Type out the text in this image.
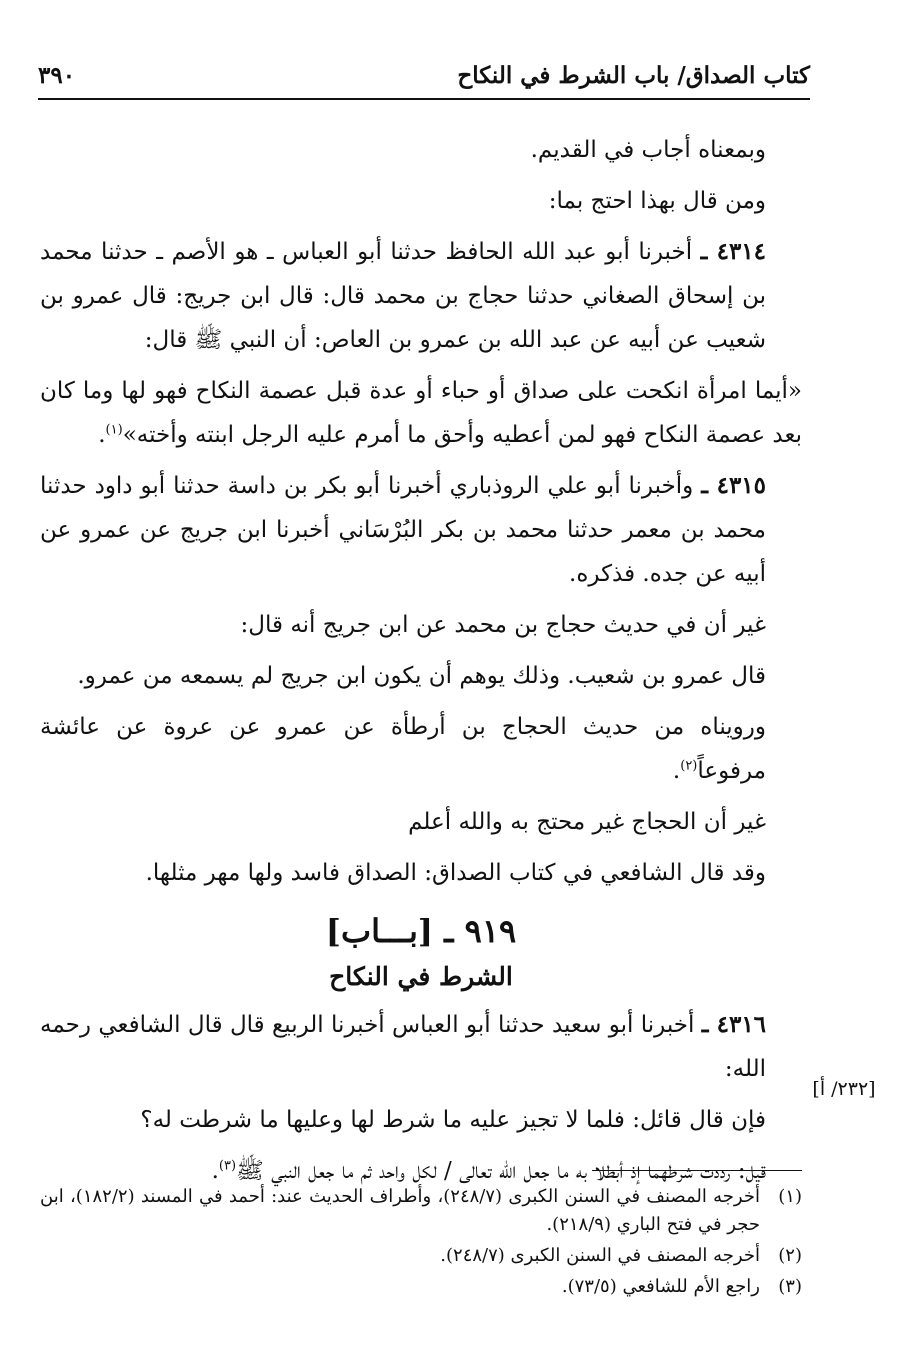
كتاب الصداق/ باب الشرط في النكاح
٣٩٠

وبمعناه أجاب في القديم.

ومن قال بهذا احتج بما:

٤٣١٤ ـ أخبرنا أبو عبد الله الحافظ حدثنا أبو العباس ـ هو الأصم ـ حدثنا محمد بن إسحاق الصغاني حدثنا حجاج بن محمد قال: قال ابن جريج: قال عمرو بن شعيب عن أبيه عن عبد الله بن عمرو بن العاص: أن النبي ﷺ قال:

«أيما امرأة انكحت على صداق أو حباء أو عدة قبل عصمة النكاح فهو لها وما كان بعد عصمة النكاح فهو لمن أعطيه وأحق ما أمرم عليه الرجل ابنته وأخته»$^{(١)}$.

٤٣١٥ ـ وأخبرنا أبو علي الروذباري أخبرنا أبو بكر بن داسة حدثنا أبو داود حدثنا محمد بن معمر حدثنا محمد بن بكر البُرْسَاني أخبرنا ابن جريج عن عمرو عن أبيه عن جده. فذكره.

غير أن في حديث حجاج بن محمد عن ابن جريج أنه قال:

قال عمرو بن شعيب. وذلك يوهم أن يكون ابن جريج لم يسمعه من عمرو.

ورويناه من حديث الحجاج بن أرطأة عن عمرو عن عروة عن عائشة مرفوعاً$^{(٢)}$.

غير أن الحجاج غير محتج به والله أعلم

وقد قال الشافعي في كتاب الصداق: الصداق فاسد ولها مهر مثلها.

٩١٩ ـ [بـــاب]
الشرط في النكاح

٤٣١٦ ـ أخبرنا أبو سعيد حدثنا أبو العباس أخبرنا الربيع قال قال الشافعي رحمه الله:

فإن قال قائل: فلما لا تجيز عليه ما شرط لها وعليها ما شرطت له؟

قيل: رددت شرطهما إذ أبطلا به ما جعل الله تعالى / لكل واحد ثم ما جعل النبي ﷺ$^{(٣)}$.

[٢٣٢/ أ]
(١)
أخرجه المصنف في السنن الكبرى (٢٤٨/٧)، وأطراف الحديث عند: أحمد في المسند (١٨٢/٢)، ابن حجر في فتح الباري (٢١٨/٩).
(٢)
أخرجه المصنف في السنن الكبرى (٢٤٨/٧).
(٣)
راجع الأم للشافعي (٧٣/٥).
